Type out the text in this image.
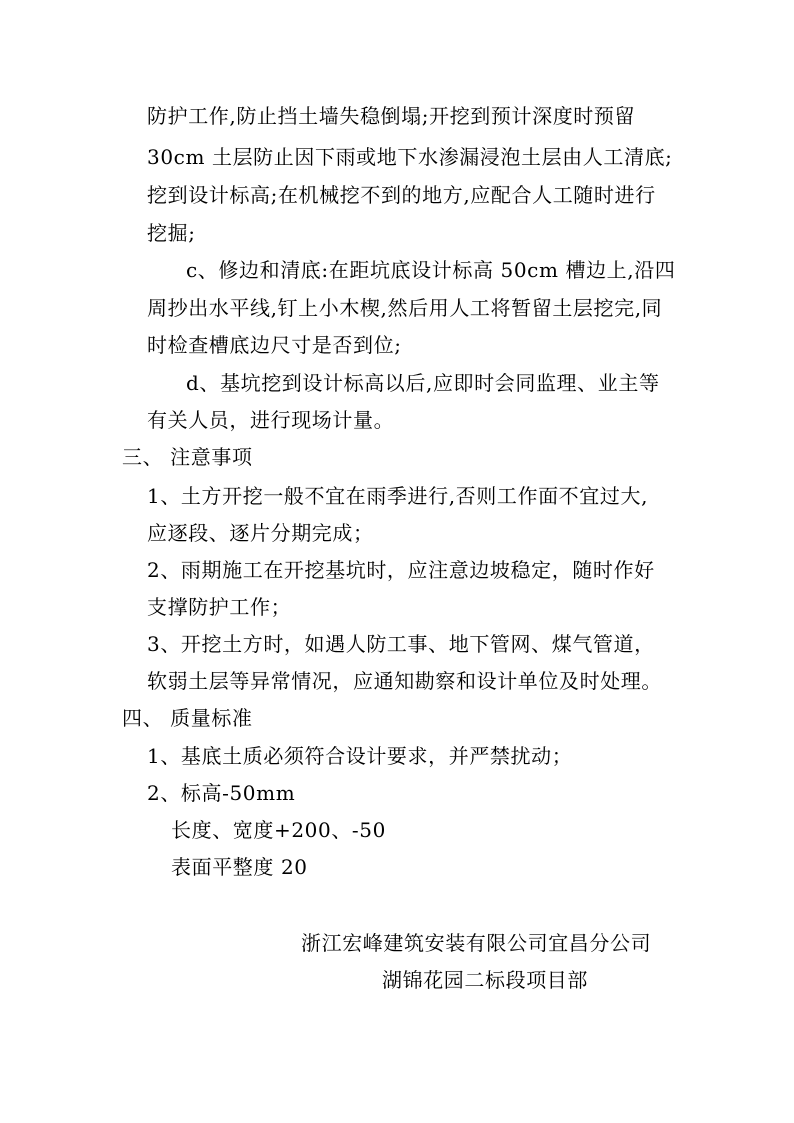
防护工作,防止挡土墙失稳倒塌;开挖到预计深度时预留
30cm 土层防止因下雨或地下水渗漏浸泡土层由人工清底;
挖到设计标高;在机械挖不到的地方,应配合人工随时进行
挖掘;
c、修边和清底:在距坑底设计标高 50cm 槽边上,沿四
周抄出水平线,钉上小木楔,然后用人工将暂留土层挖完,同
时检查槽底边尺寸是否到位;
d、基坑挖到设计标高以后,应即时会同监理、业主等
有关人员，进行现场计量。
三、 注意事项
1、土方开挖一般不宜在雨季进行,否则工作面不宜过大,
应逐段、逐片分期完成；
2、雨期施工在开挖基坑时，应注意边坡稳定，随时作好
支撑防护工作；
3、开挖土方时，如遇人防工事、地下管网、煤气管道，
软弱土层等异常情况，应通知勘察和设计单位及时处理。
四、 质量标准
1、基底土质必须符合设计要求，并严禁扰动；
2、标高-50mm
长度、宽度+200、-50
表面平整度 20
浙江宏峰建筑安装有限公司宜昌分公司
湖锦花园二标段项目部
